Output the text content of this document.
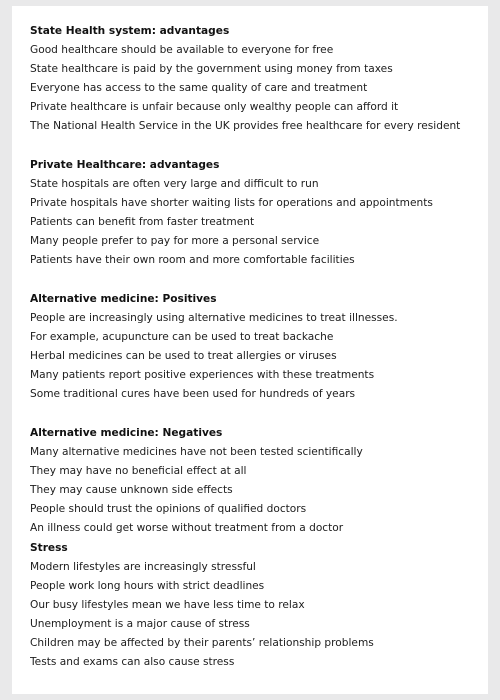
State Health system: advantages
Good healthcare should be available to everyone for free
State healthcare is paid by the government using money from taxes
Everyone has access to the same quality of care and treatment
Private healthcare is unfair because only wealthy people can afford it
The National Health Service in the UK provides free healthcare for every resident
Private Healthcare: advantages
State hospitals are often very large and difficult to run
Private hospitals have shorter waiting lists for operations and appointments
Patients can benefit from faster treatment
Many people prefer to pay for more a personal service
Patients have their own room and more comfortable facilities
Alternative medicine: Positives
People are increasingly using alternative medicines to treat illnesses.
For example, acupuncture can be used to treat backache
Herbal medicines can be used to treat allergies or viruses
Many patients report positive experiences with these treatments
Some traditional cures have been used for hundreds of years
Alternative medicine: Negatives
Many alternative medicines have not been tested scientifically
They may have no beneficial effect at all
They may cause unknown side effects
People should trust the opinions of qualified doctors
An illness could get worse without treatment from a doctor
Stress
Modern lifestyles are increasingly stressful
People work long hours with strict deadlines
Our busy lifestyles mean we have less time to relax
Unemployment is a major cause of stress
Children may be affected by their parents’ relationship problems
Tests and exams can also cause stress
